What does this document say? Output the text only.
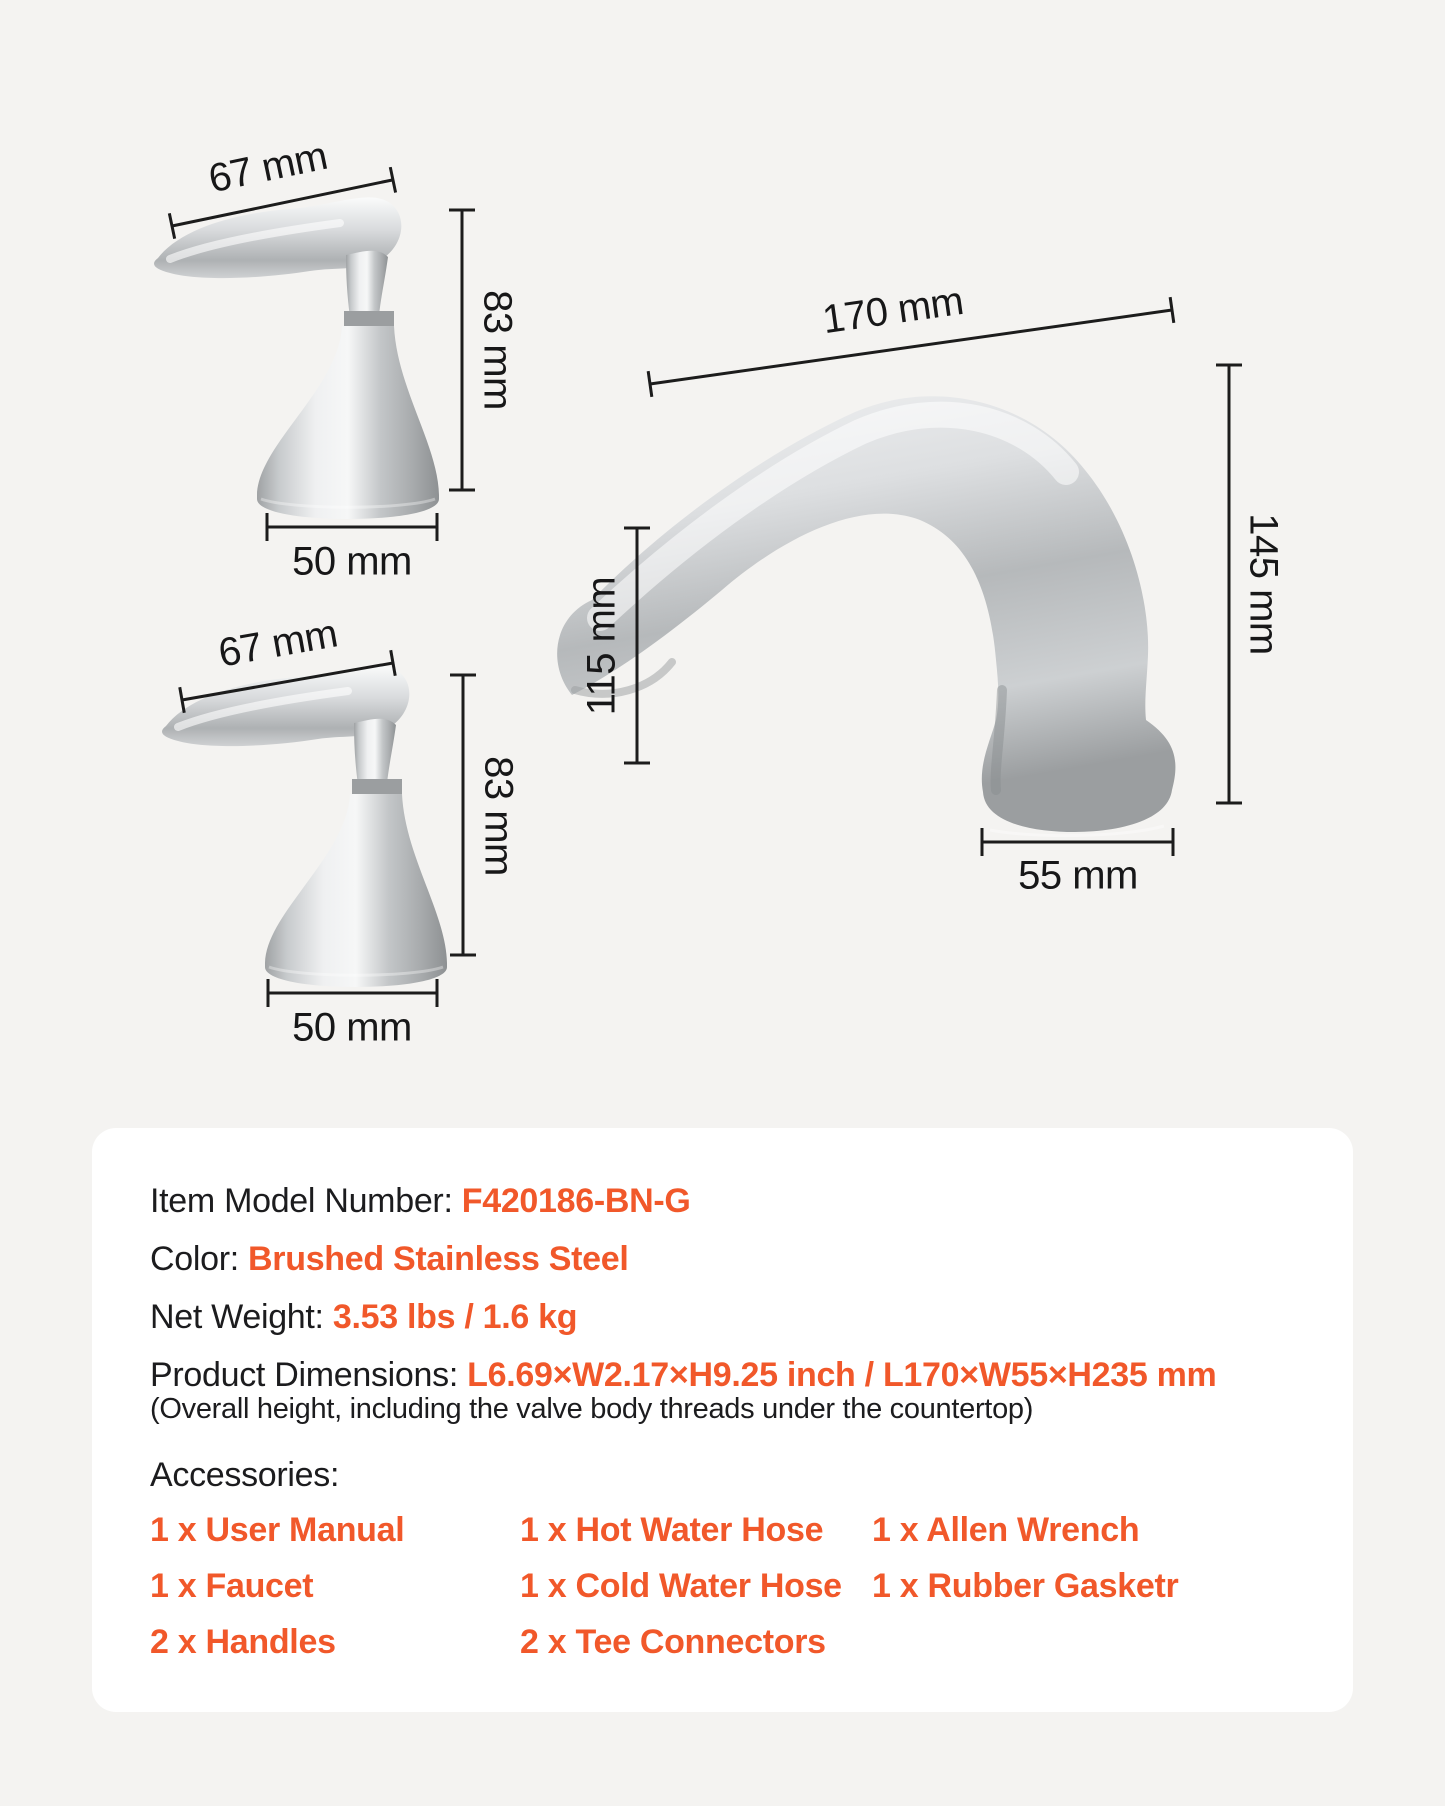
67 mm
83 mm
50 mm
67 mm
83 mm
50 mm
170 mm
115 mm	145 mm
55 mm
Item Model Number: F420186-BN-G
Color: Brushed Stainless Steel
Net Weight: 3.53 lbs / 1.6 kg
Product Dimensions: L6.69×W2.17×H9.25 inch / L170×W55×H235 mm
(Overall height, including the valve body threads under the countertop)
Accessories:
1 x User Manual	1 x Hot Water Hose	1 x Allen Wrench
1 x Faucet	1 x Cold Water Hose 1 x Rubber Gasketr
2 x Handles	2 x Tee Connectors
